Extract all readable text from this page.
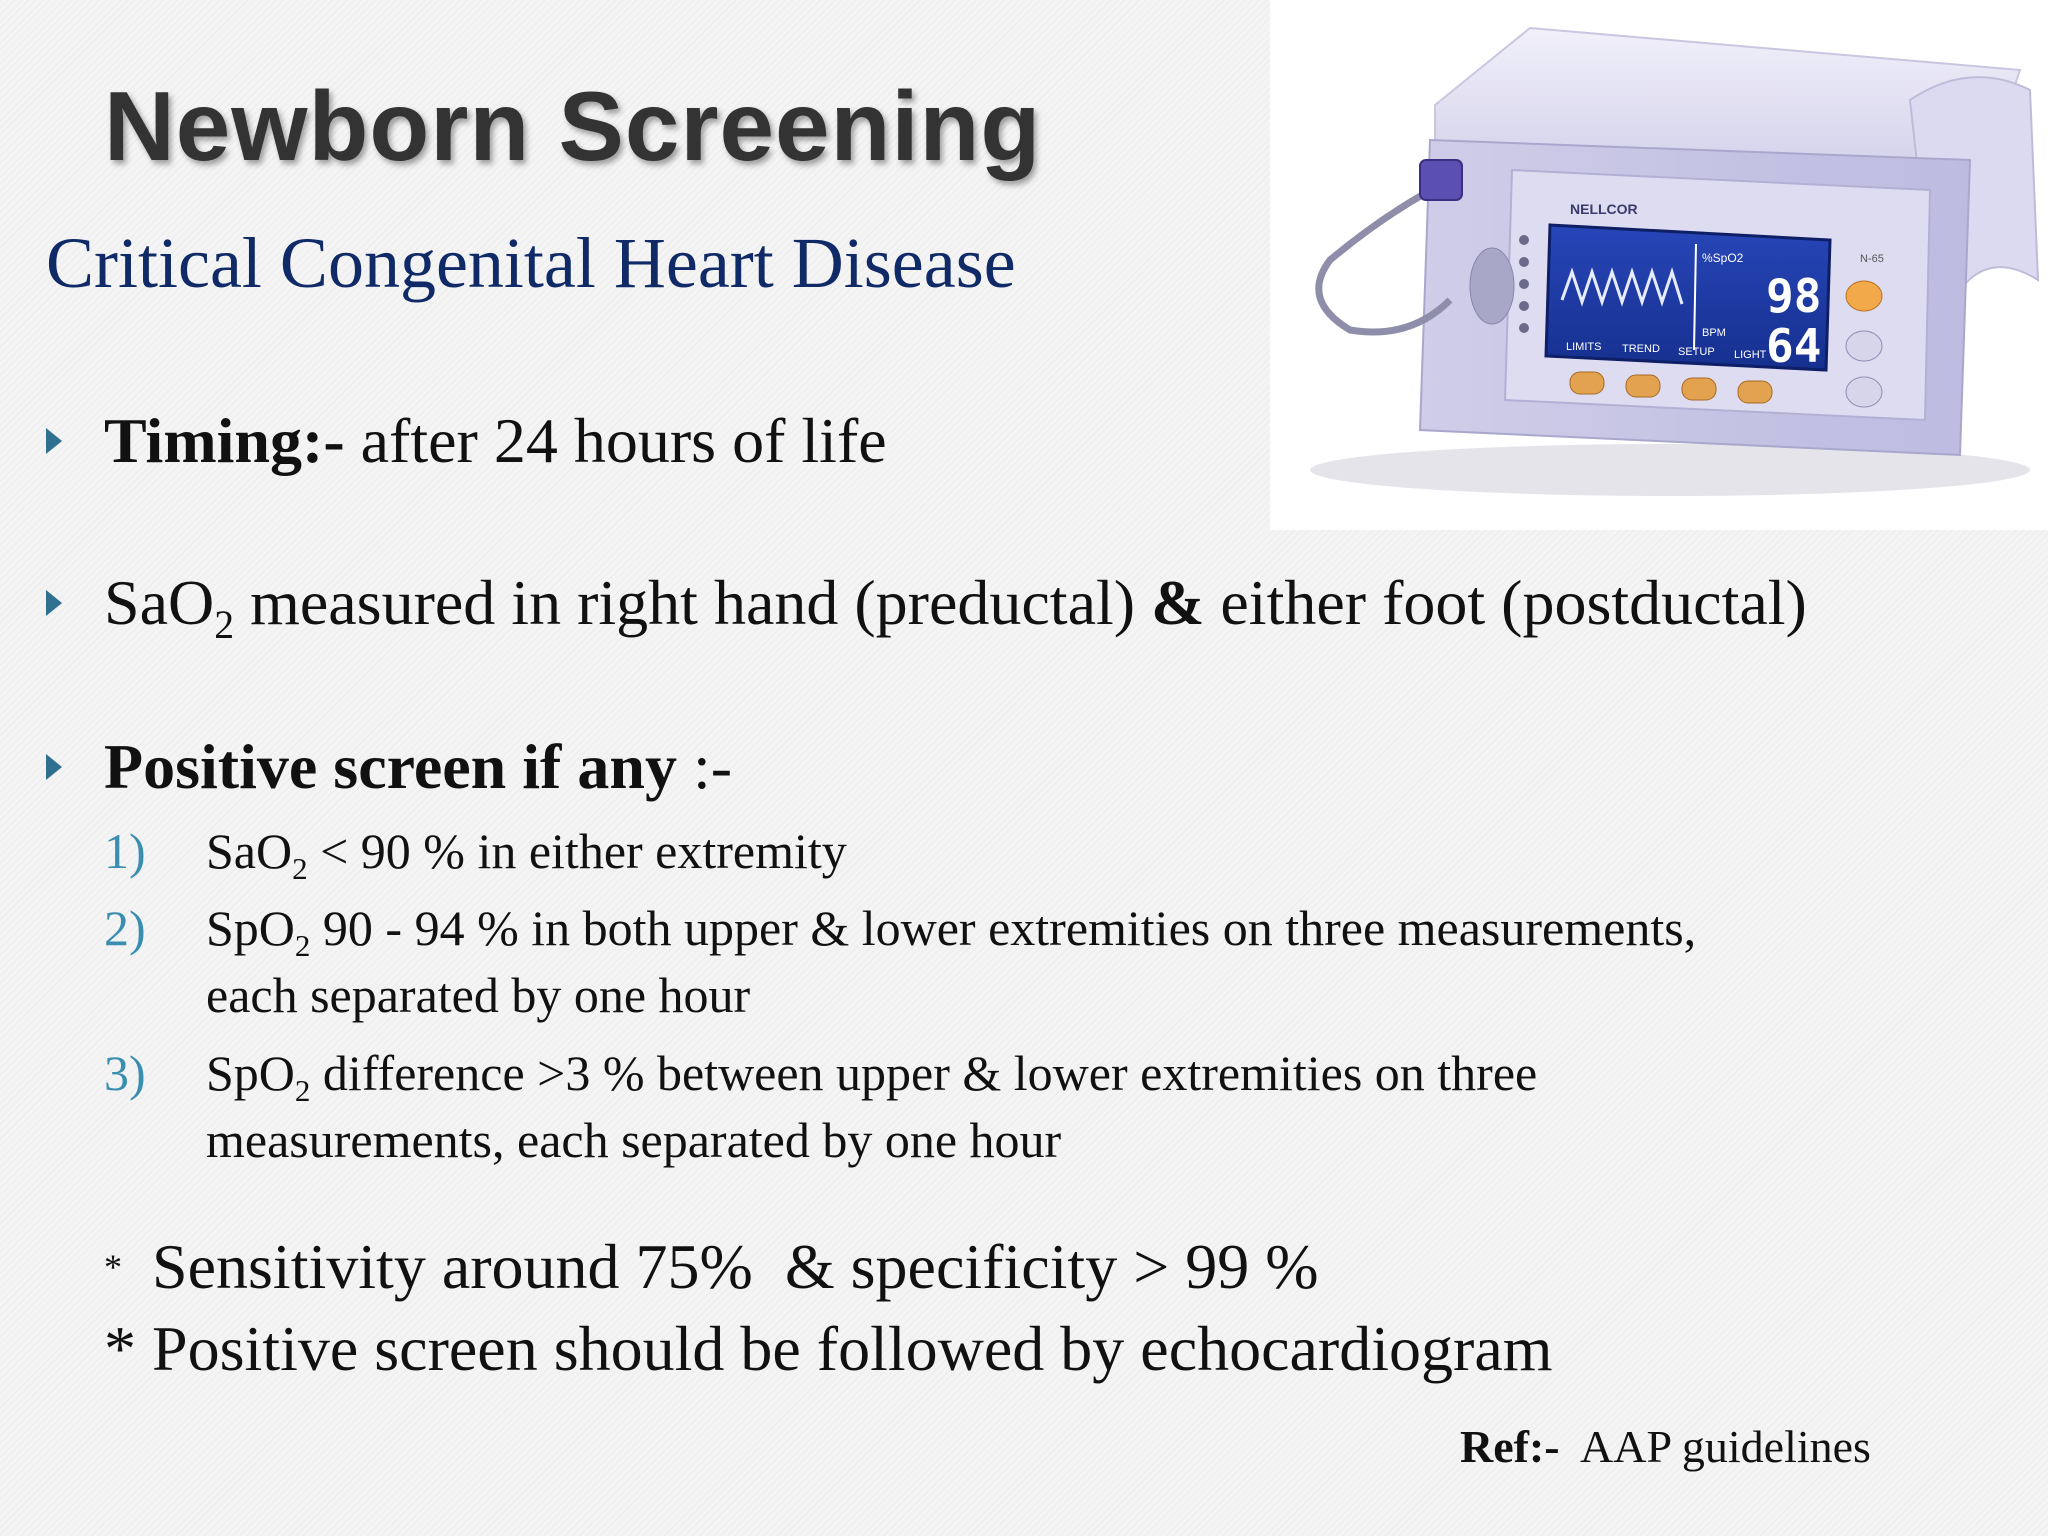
Newborn Screening
Critical Congenital Heart Disease
Timing:- after 24 hours of life
SaO$_2$ measured in right hand (preductal) & either foot (postductal)
Positive screen if any :-
1)	SaO$_2$ < 90 % in either extremity
2)	SpO$_2$ 90 - 94 % in both upper & lower extremities on three measurements,
each separated by one hour
3)	SpO$_2$ difference >3 % between upper & lower extremities on three
measurements, each separated by one hour
* Sensitivity around 75%  & specificity > 99 %
* Positive screen should be followed by echocardiogram
Ref:-  AAP guidelines
NELLCOR
N-65
%SpO2
BPM
98
64
LIMITS TREND SETUP LIGHT
